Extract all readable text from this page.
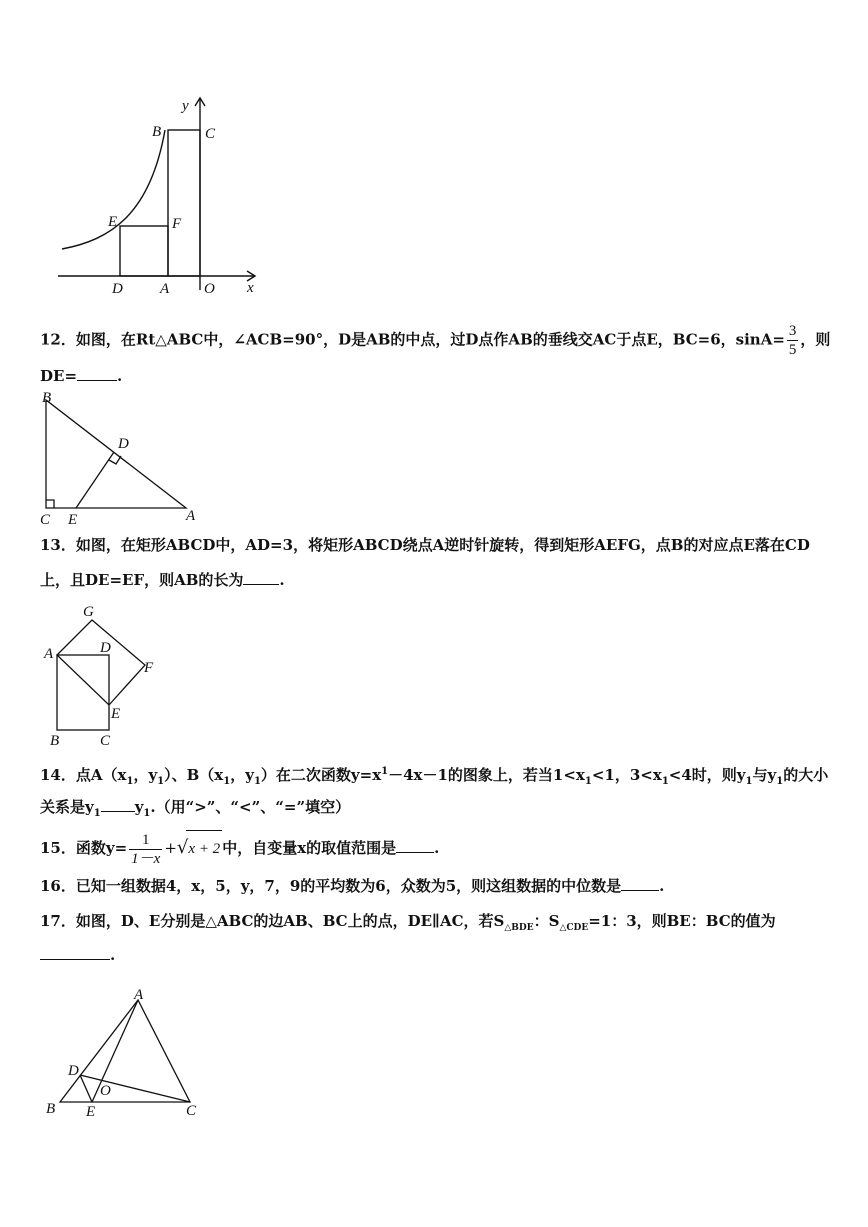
y
x
B	C
E	F
D A O
12．如图，在Rt△ABC中，∠ACB=90°，D是AB的中点，过D点作AB的垂线交AC于点E，BC=6，$\sin A= \frac{3}{5}$ ，则
DE=	.
B
D
C E	A
13．如图，在矩形ABCD中，AD=3，将矩形ABCD绕点A逆时针旋转，得到矩形AEFG，点B的对应点E落在CD
上，且DE=EF，则AB的长为 .
G
A	D
F
E
B	C
14．点$A(x_1$，$y_1$）、$B(x_1$，$y_1$）在二次函数$y=x^1-4x-1$的图象上，若当$1<x_1<1$，$3<x_1<4$时，则$y_1$与$y_1$的大小
关系是$y_1$ $y_1$.（用“>”、“<”、“=”填空）
15．函数$y= \frac{1}{1-x} +√x + 2$ 中，自变量x的取值范围是	.
16．已知一组数据4，x，5，y，7，9的平均数为6，众数为5，则这组数据的中位数是	.
17．如图，D、E分别是△ABC的边AB、BC上的点，DE∥AC，若$S_{\triangle BDE}$：$S_{\triangle CDE}=1$：3，则BE：BC的值为
.
A
D
O
B E	C
